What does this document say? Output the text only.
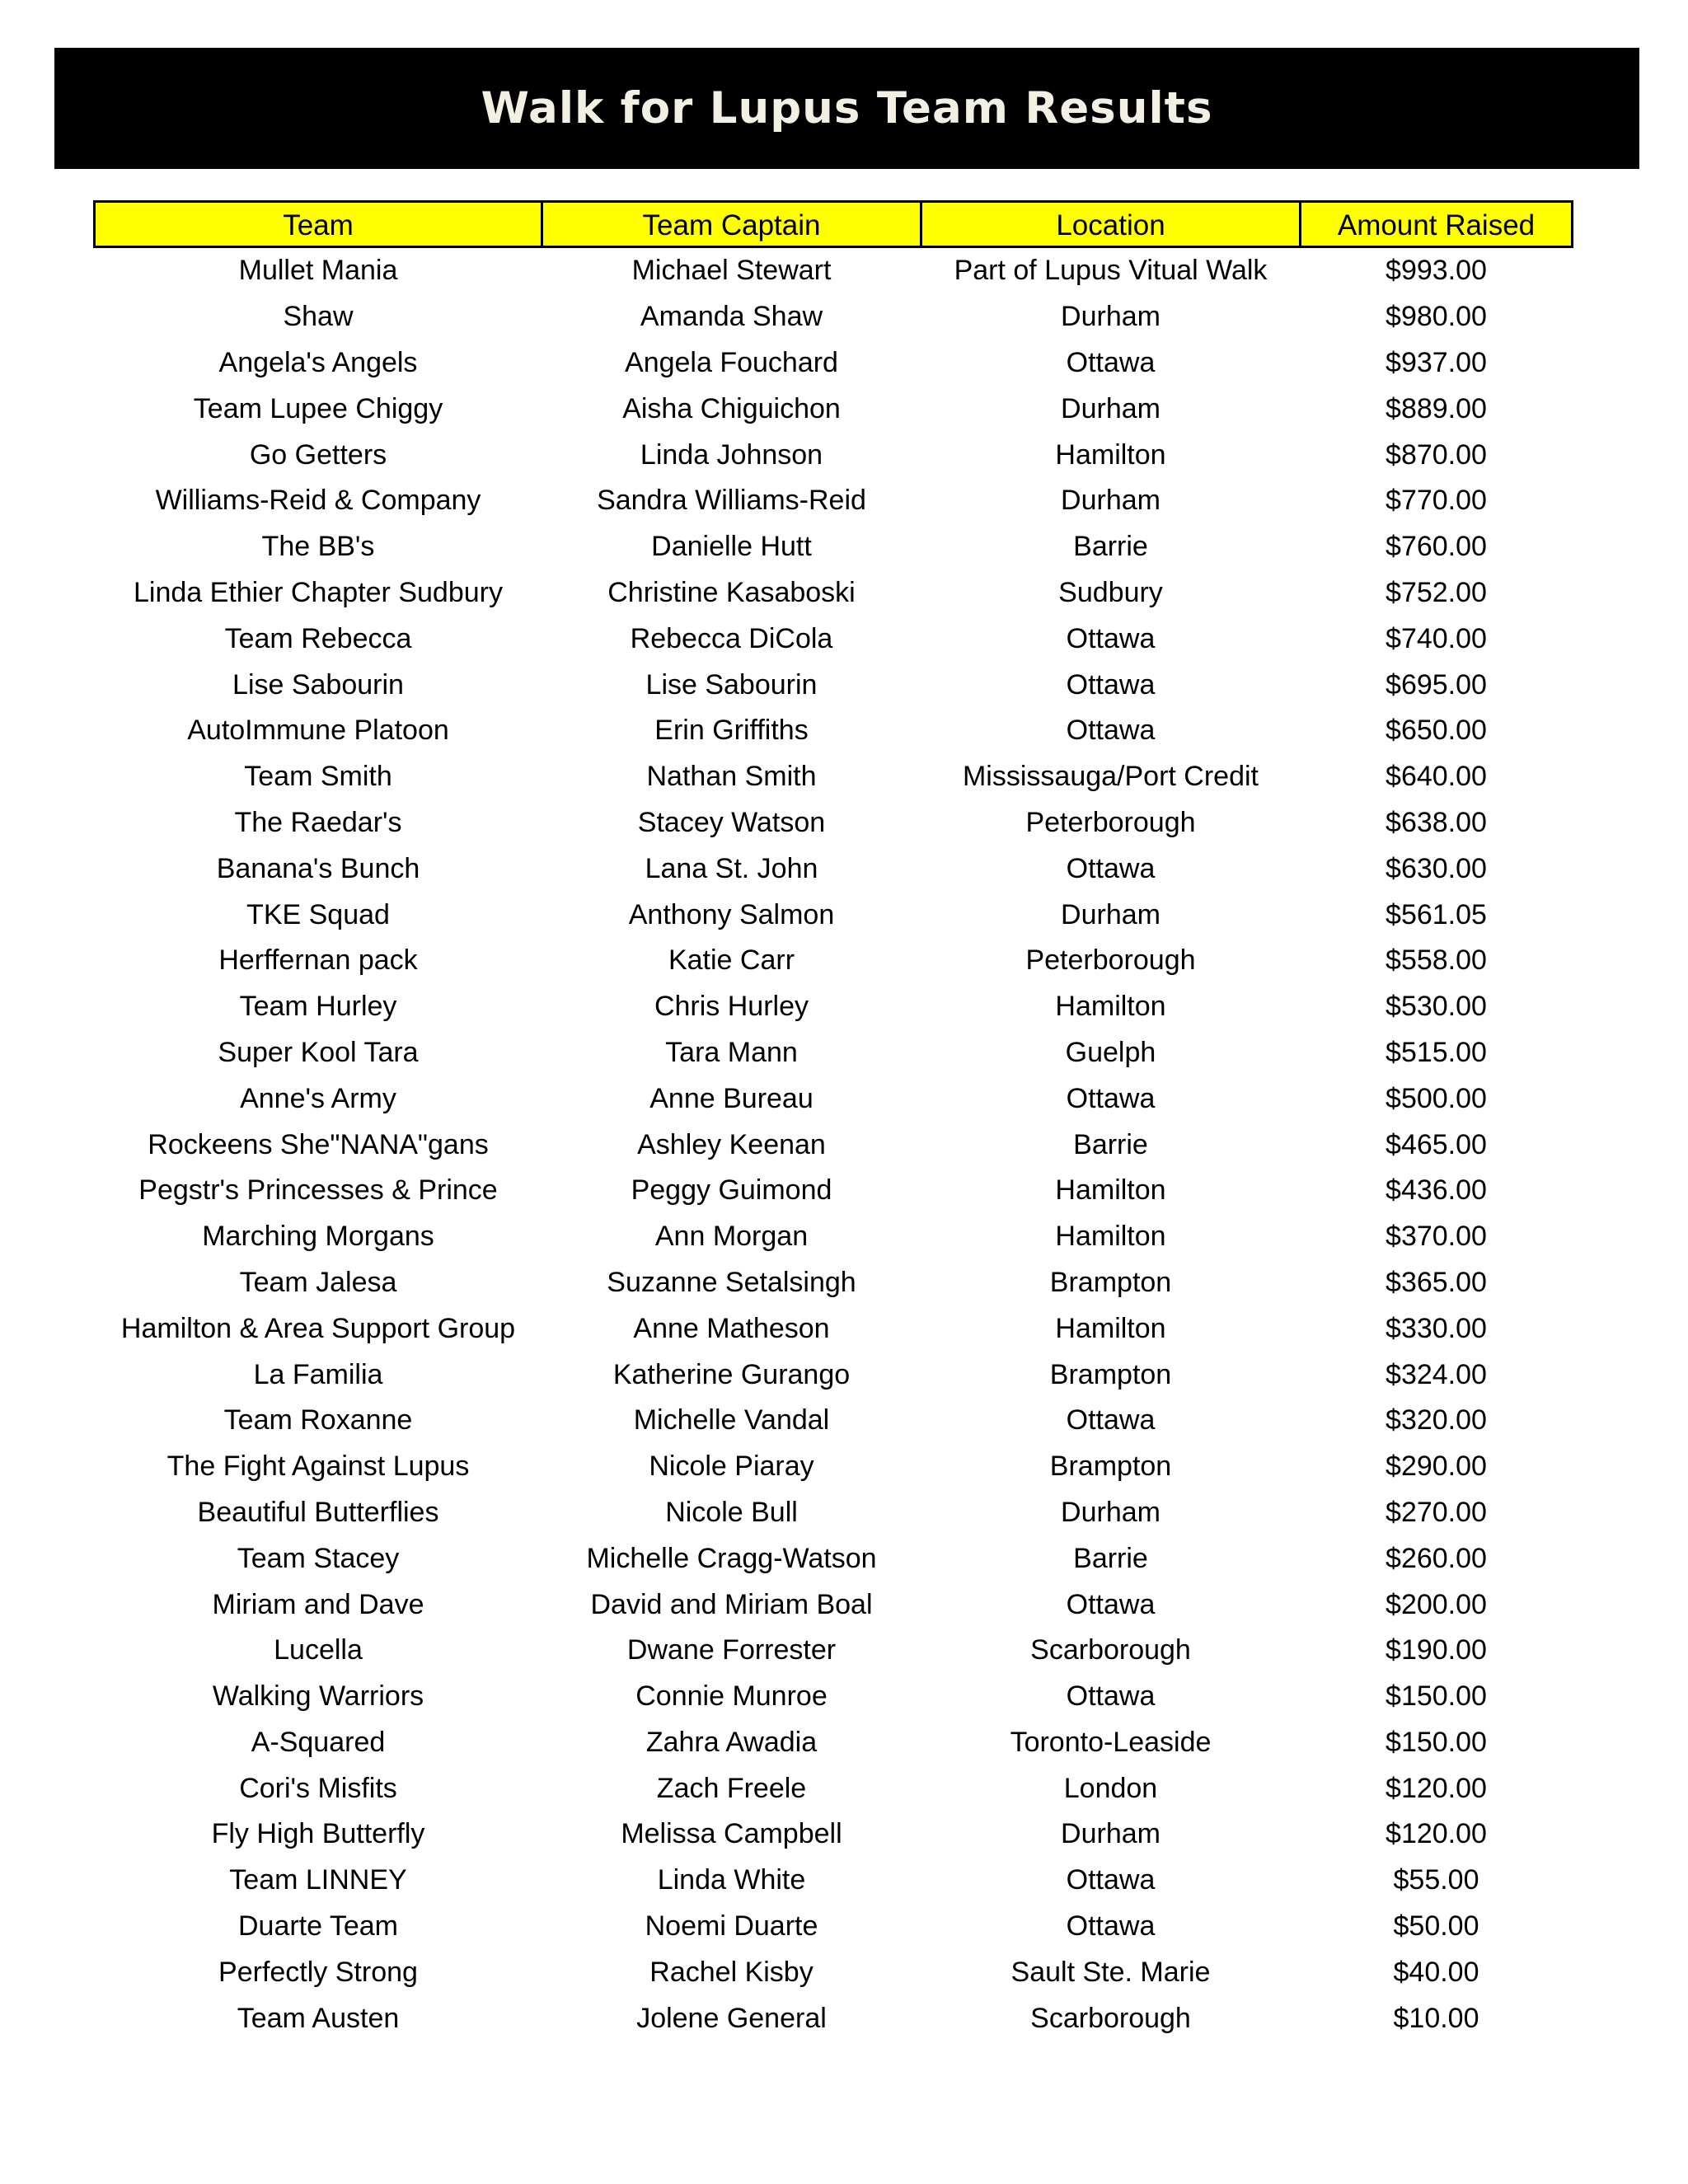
Walk for Lupus Team Results
Team	Team Captain	Location	Amount Raised
Mullet Mania	Michael Stewart	Part of Lupus Vitual Walk	$993.00
Shaw	Amanda Shaw	Durham	$980.00
Angela's Angels	Angela Fouchard	Ottawa	$937.00
Team Lupee Chiggy	Aisha Chiguichon	Durham	$889.00
Go Getters	Linda Johnson	Hamilton	$870.00
Williams-Reid & Company	Sandra Williams-Reid	Durham	$770.00
The BB's	Danielle Hutt	Barrie	$760.00
Linda Ethier Chapter Sudbury	Christine Kasaboski	Sudbury	$752.00
Team Rebecca	Rebecca DiCola	Ottawa	$740.00
Lise Sabourin	Lise Sabourin	Ottawa	$695.00
AutoImmune Platoon	Erin Griffiths	Ottawa	$650.00
Team Smith	Nathan Smith	Mississauga/Port Credit	$640.00
The Raedar's	Stacey Watson	Peterborough	$638.00
Banana's Bunch	Lana St. John	Ottawa	$630.00
TKE Squad	Anthony Salmon	Durham	$561.05
Herffernan pack	Katie Carr	Peterborough	$558.00
Team Hurley	Chris Hurley	Hamilton	$530.00
Super Kool Tara	Tara Mann	Guelph	$515.00
Anne's Army	Anne Bureau	Ottawa	$500.00
Rockeens She"NANA"gans	Ashley Keenan	Barrie	$465.00
Pegstr's Princesses & Prince	Peggy Guimond	Hamilton	$436.00
Marching Morgans	Ann Morgan	Hamilton	$370.00
Team Jalesa	Suzanne Setalsingh	Brampton	$365.00
Hamilton & Area Support Group	Anne Matheson	Hamilton	$330.00
La Familia	Katherine Gurango	Brampton	$324.00
Team Roxanne	Michelle Vandal	Ottawa	$320.00
The Fight Against Lupus	Nicole Piaray	Brampton	$290.00
Beautiful Butterflies	Nicole Bull	Durham	$270.00
Team Stacey	Michelle Cragg-Watson	Barrie	$260.00
Miriam and Dave	David and Miriam Boal	Ottawa	$200.00
Lucella	Dwane Forrester	Scarborough	$190.00
Walking Warriors	Connie Munroe	Ottawa	$150.00
A-Squared	Zahra Awadia	Toronto-Leaside	$150.00
Cori's Misfits	Zach Freele	London	$120.00
Fly High Butterfly	Melissa Campbell	Durham	$120.00
Team LINNEY	Linda White	Ottawa	$55.00
Duarte Team	Noemi Duarte	Ottawa	$50.00
Perfectly Strong	Rachel Kisby	Sault Ste. Marie	$40.00
Team Austen	Jolene General	Scarborough	$10.00
